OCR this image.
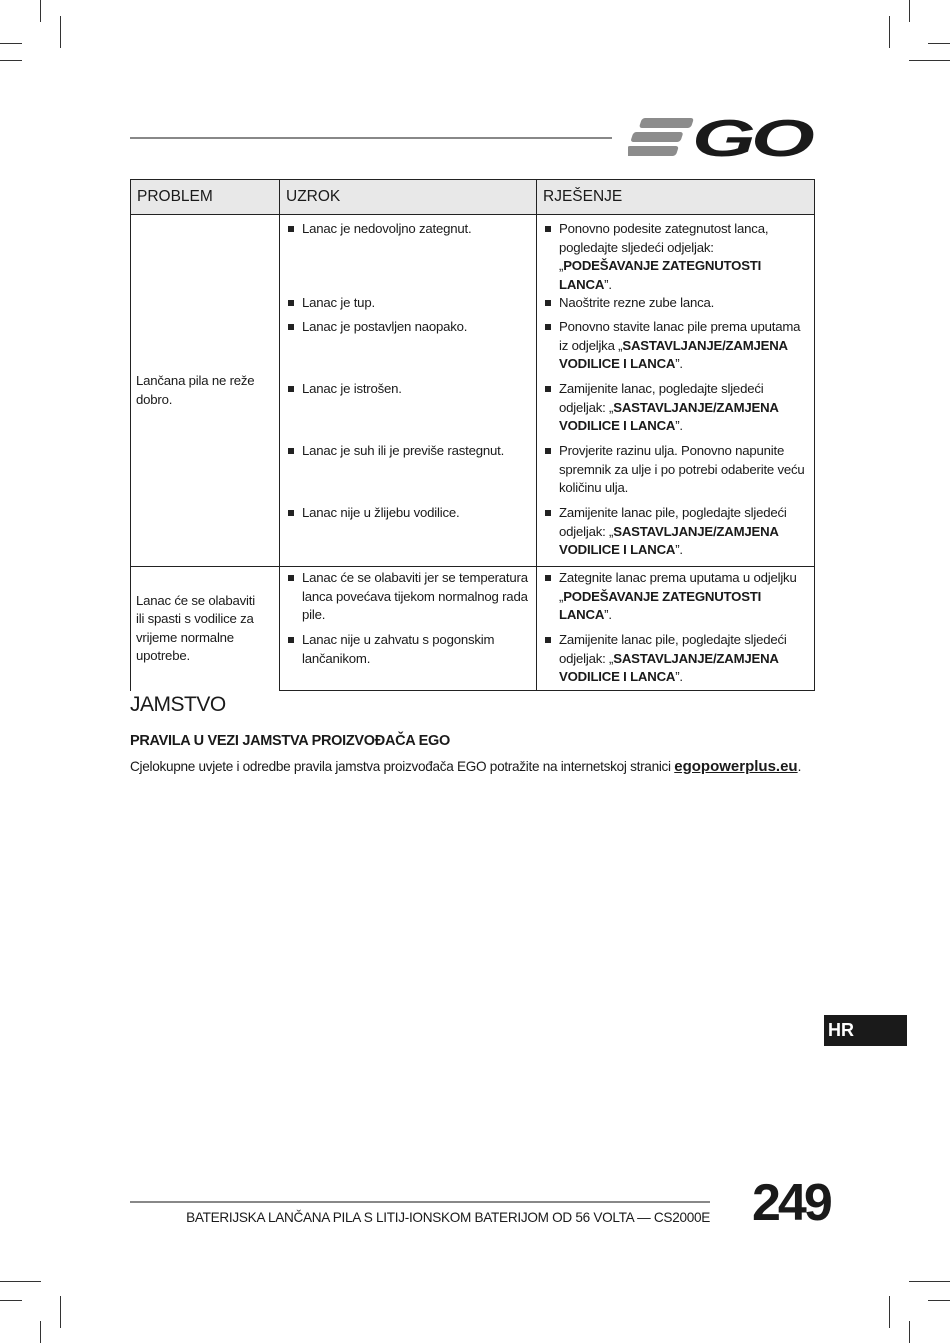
GO
PROBLEM	UZROK	RJEŠENJE
Lančana pila ne reže dobro.	Lanac je nedovoljno zategnut.	Ponovno podesite zategnutost lanca, pogledajte sljedeći odjeljak: „PODEŠAVANJE ZATEGNUTOSTI LANCA”.

	Lanac je tup.	Naoštrite rezne zube lanca.

	Lanac je postavljen naopako.	Ponovno stavite lanac pile prema uputama iz odjeljka „SASTAVLJANJE/ZAMJENA VODILICE I LANCA”.

	Lanac je istrošen.	Zamijenite lanac, pogledajte sljedeći odjeljak: „SASTAVLJANJE/ZAMJENA VODILICE I LANCA”.

	Lanac je suh ili je previše rastegnut.	Provjerite razinu ulja. Ponovno napunite spremnik za ulje i po potrebi odaberite veću količinu ulja.

	Lanac nije u žlijebu vodilice.	Zamijenite lanac pile, pogledajte sljedeći odjeljak: „SASTAVLJANJE/ZAMJENA VODILICE I LANCA”.

Lanac će se olabaviti ili spasti s vodilice za vrijeme normalne upotrebe.	Lanac će se olabaviti jer se temperatura lanca povećava tijekom normalnog rada pile.	Zategnite lanac prema uputama u odjeljku „PODEŠAVANJE ZATEGNUTOSTI LANCA”.

	Lanac nije u zahvatu s pogonskim lančanikom.	Zamijenite lanac pile, pogledajte sljedeći odjeljak: „SASTAVLJANJE/ZAMJENA VODILICE I LANCA”.
JAMSTVO
PRAVILA U VEZI JAMSTVA PROIZVOĐAČA EGO
Cjelokupne uvjete i odredbe pravila jamstva proizvođača EGO potražite na internetskoj stranici egopowerplus.eu.
HR
BATERIJSKA LANČANA PILA S LITIJ-IONSKOM BATERIJOM OD 56 VOLTA — CS2000E 249
